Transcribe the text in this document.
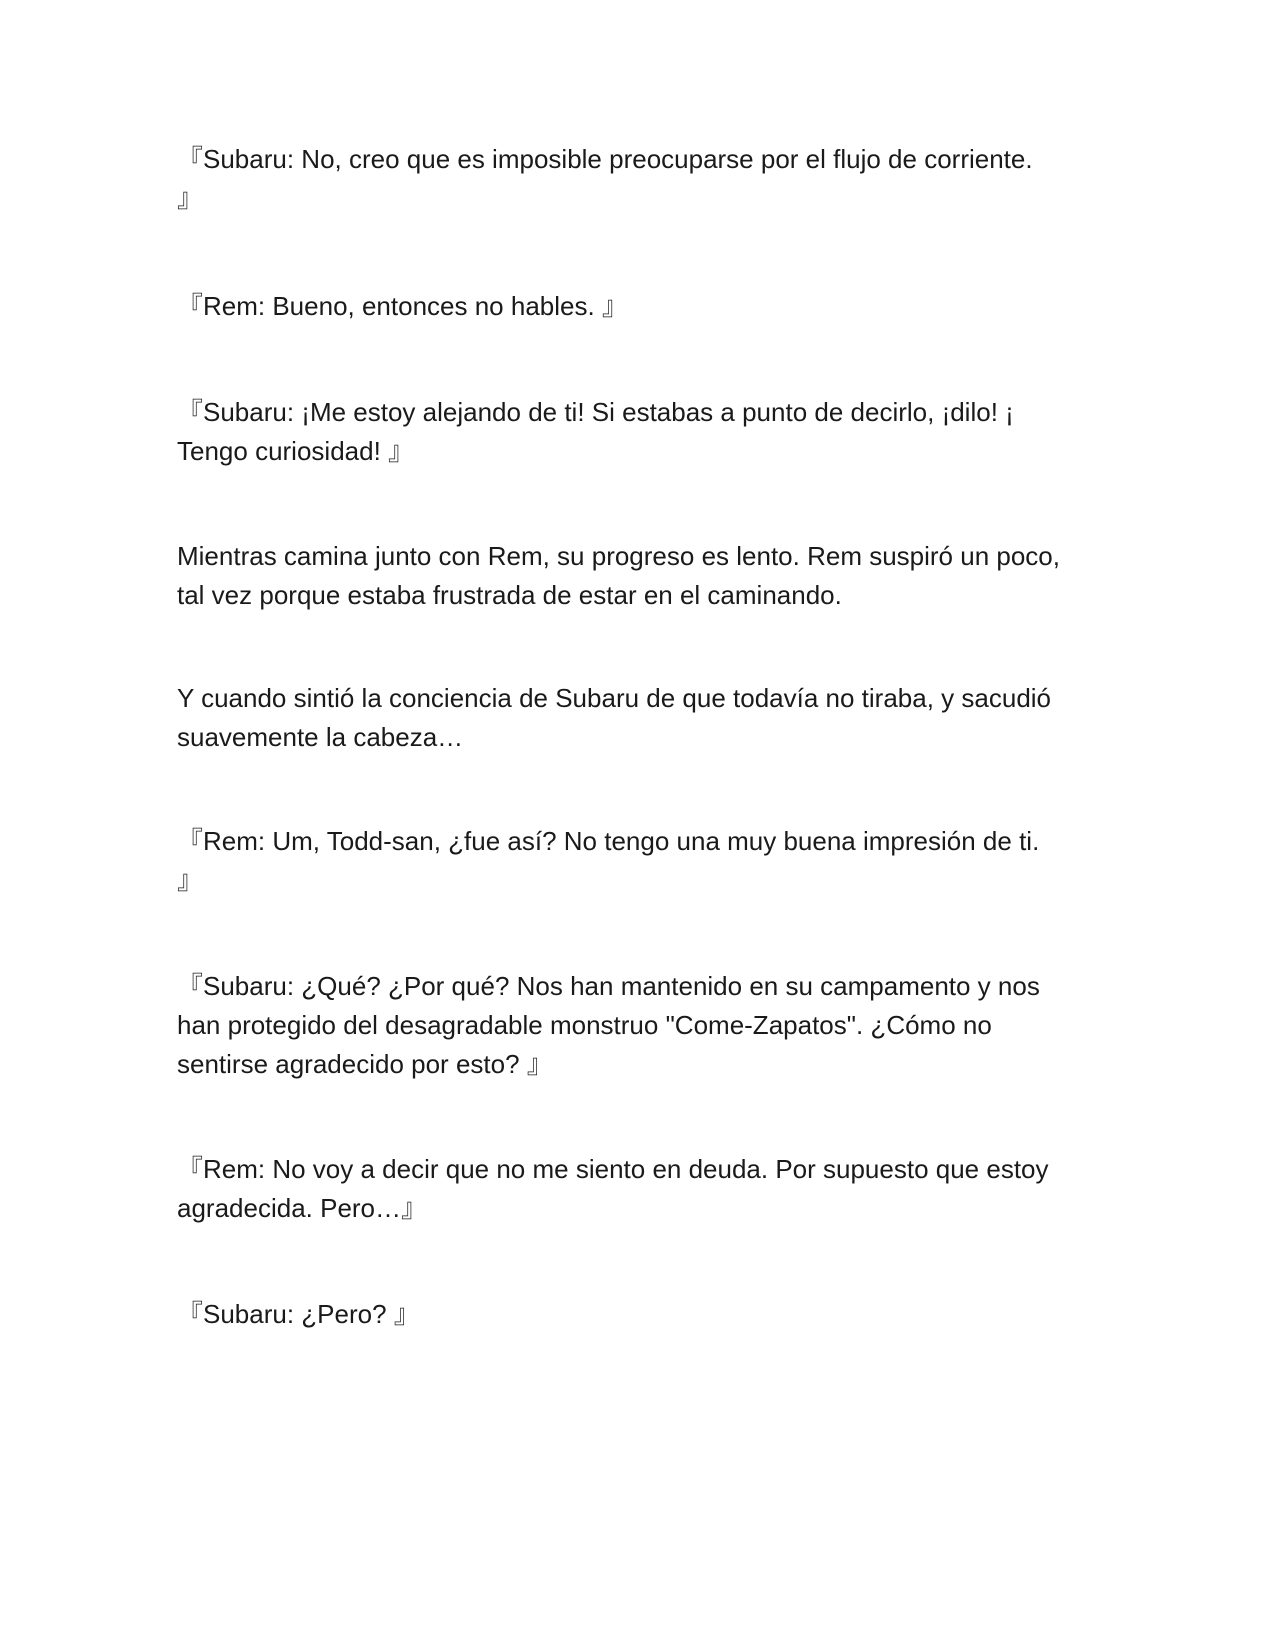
『Subaru: No, creo que es imposible preocuparse por el flujo de corriente.
』

『Rem: Bueno, entonces no hables. 』

『Subaru: ¡Me estoy alejando de ti! Si estabas a punto de decirlo, ¡dilo! ¡
Tengo curiosidad! 』

Mientras camina junto con Rem, su progreso es lento. Rem suspiró un poco,
tal vez porque estaba frustrada de estar en el caminando.

Y cuando sintió la conciencia de Subaru de que todavía no tiraba, y sacudió
suavemente la cabeza…

『Rem: Um, Todd-san, ¿fue así? No tengo una muy buena impresión de ti.
』

『Subaru: ¿Qué? ¿Por qué? Nos han mantenido en su campamento y nos
han protegido del desagradable monstruo "Come-Zapatos". ¿Cómo no
sentirse agradecido por esto? 』

『Rem: No voy a decir que no me siento en deuda. Por supuesto que estoy
agradecida. Pero…』

『Subaru: ¿Pero? 』
